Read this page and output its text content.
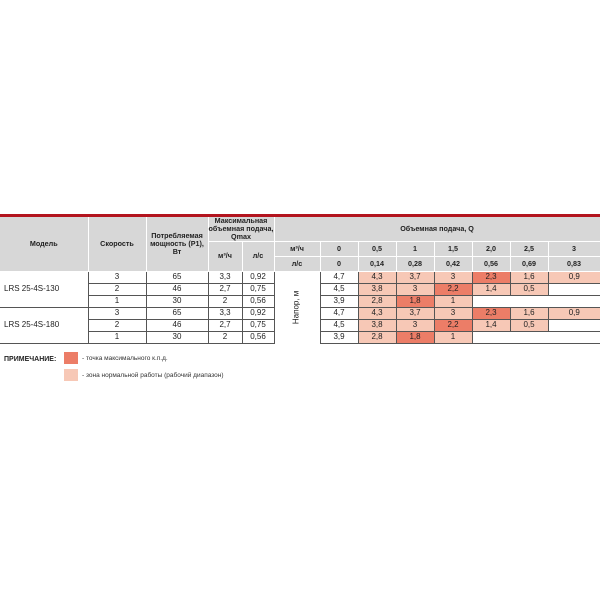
Модель	Скорость	Потребляемая мощность (P1), Вт	Максимальная объемная подача, Qmax		Объемная подача, Q							
			м³/ч	л/с	м³/ч	0	0,5	1	1,5	2,0	2,5	3
					л/с	0	0,14	0,28	0,42	0,56	0,69	0,83
LRS 25-4S-130	3	65	3,3	0,92	Напор, м	4,7	4,3	3,7	3	2,3	1,6	0,9
	2	46	2,7	0,75		4,5	3,8	3	2,2	1,4	0,5	
	1	30	2	0,56		3,9	2,8	1,8	1			
LRS 25-4S-180	3	65	3,3	0,92		4,7	4,3	3,7	3	2,3	1,6	0,9
	2	46	2,7	0,75		4,5	3,8	3	2,2	1,4	0,5	
	1	30	2	0,56		3,9	2,8	1,8	1			
ПРИМЕЧАНИЕ:	- точка максимального к.п.д.
- зона нормальной работы (рабочий диапазон)
